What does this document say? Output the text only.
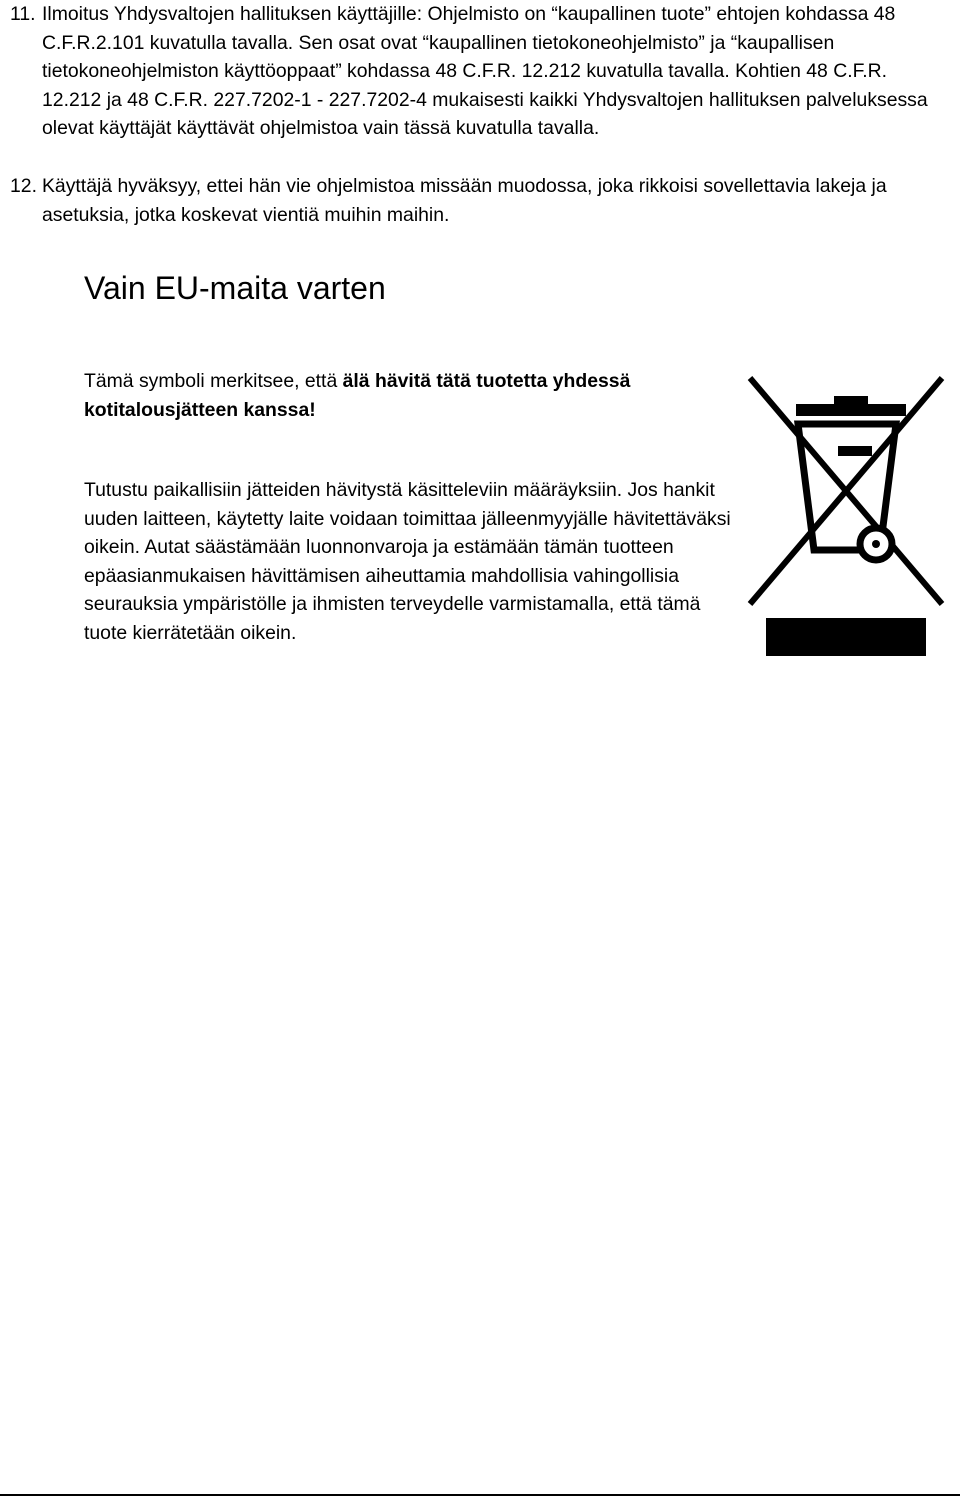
11. Ilmoitus Yhdysvaltojen hallituksen käyttäjille: Ohjelmisto on “kaupallinen tuote” ehtojen kohdassa 48 C.F.R.2.101 kuvatulla tavalla. Sen osat ovat “kaupallinen tietokoneohjelmisto” ja “kaupallisen tietokoneohjelmiston käyttöoppaat” kohdassa 48 C.F.R. 12.212 kuvatulla tavalla. Kohtien 48 C.F.R. 12.212 ja 48 C.F.R. 227.7202-1 - 227.7202-4 mukaisesti kaikki Yhdysvaltojen hallituksen palveluksessa olevat käyttäjät käyttävät ohjelmistoa vain tässä kuvatulla tavalla.
12. Käyttäjä hyväksyy, ettei hän vie ohjelmistoa missään muodossa, joka rikkoisi sovellettavia lakeja ja asetuksia, jotka koskevat vientiä muihin maihin.
Vain EU-maita varten

Tämä symboli merkitsee, että älä hävitä tätä tuotetta yhdessä kotitalousjätteen kanssa!

Tutustu paikallisiin jätteiden hävitystä käsitteleviin määräyksiin. Jos hankit uuden laitteen, käytetty laite voidaan toimittaa jälleenmyyjälle hävitettäväksi oikein. Autat säästämään luonnonvaroja ja estämään tämän tuotteen epäasianmukaisen hävittämisen aiheuttamia mahdollisia vahingollisia seurauksia ympäristölle ja ihmisten terveydelle varmistamalla, että tämä tuote kierrätetään oikein.
